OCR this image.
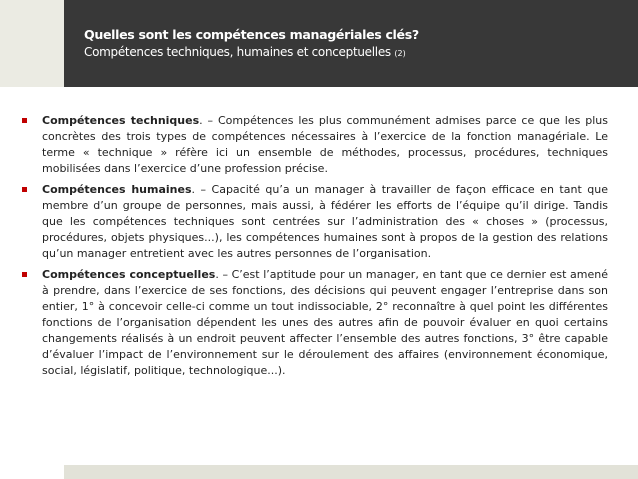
Quelles sont les compétences managériales clés?
Compétences techniques, humaines et conceptuelles (2)
Compétences techniques. – Compétences les plus communément admises parce ce que les plus concrètes des trois types de compétences nécessaires à l’exercice de la fonction managériale. Le terme « technique » réfère ici un ensemble de méthodes, processus, procédures, techniques mobilisées dans l’exercice d’une profession précise.
Compétences humaines. – Capacité qu’a un manager à travailler de façon efficace en tant que membre d’un groupe de personnes, mais aussi, à fédérer les efforts de l’équipe qu’il dirige. Tandis que les compétences techniques sont centrées sur l’administration des « choses » (processus, procédures, objets physiques...), les compétences humaines sont à propos de la gestion des relations qu’un manager entretient avec les autres personnes de l’organisation.
Compétences conceptuelles. – C’est l’aptitude pour un manager, en tant que ce dernier est amené à prendre, dans l’exercice de ses fonctions, des décisions qui peuvent engager l’entreprise dans son entier, 1° à concevoir celle-ci comme un tout indissociable, 2° reconnaître à quel point les différentes fonctions de l’organisation dépendent les unes des autres afin de pouvoir évaluer en quoi certains changements réalisés à un endroit peuvent affecter l’ensemble des autres fonctions, 3° être capable d’évaluer l’impact de l’environnement sur le déroulement des affaires (environnement économique, social, législatif, politique, technologique...).
